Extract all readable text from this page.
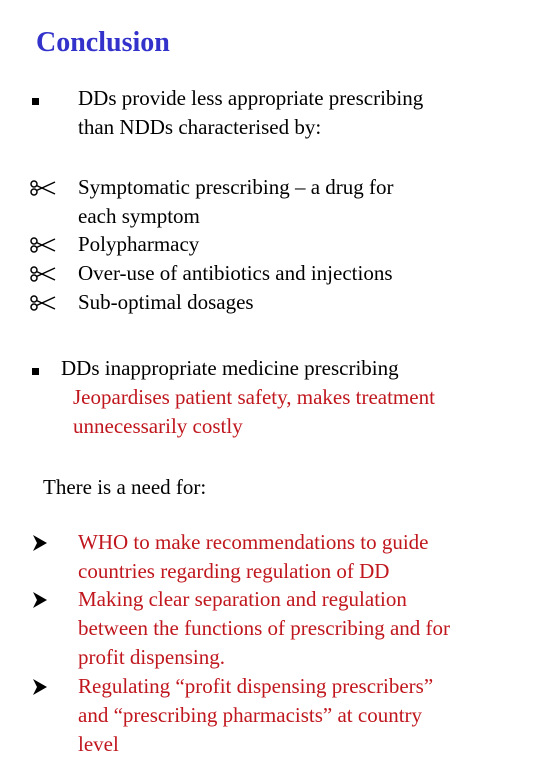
Conclusion
DDs provide less appropriate prescribing
than NDDs characterised by:
Symptomatic prescribing – a drug for
each symptom
Polypharmacy
Over-use of antibiotics and injections
Sub-optimal dosages
DDs inappropriate medicine prescribing
Jeopardises patient safety, makes treatment
unnecessarily costly
There is a need for:
WHO to make recommendations to guide
countries regarding regulation of DD
Making clear separation and regulation
between the functions of prescribing and for
profit dispensing.
Regulating “profit dispensing prescribers”
and “prescribing pharmacists” at country
level
